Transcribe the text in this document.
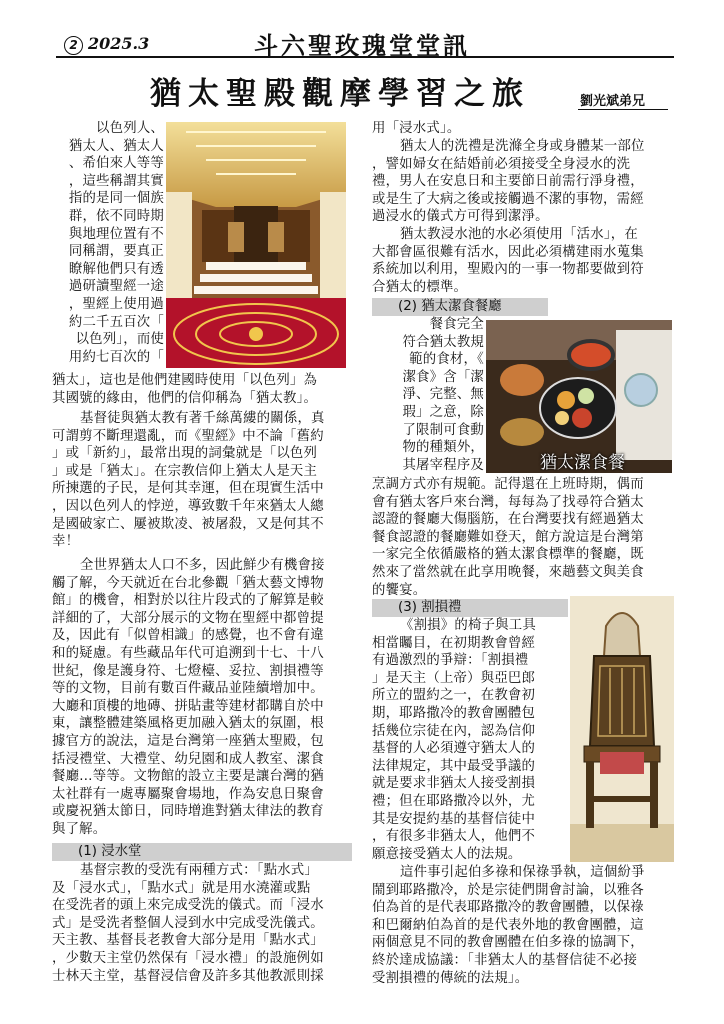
2 2025.3	斗六聖玫瑰堂堂訊
猶太聖殿觀摩學習之旅	劉光斌弟兄

以色列人、
猶太人、猶太人
、希伯來人等等
，這些稱謂其實
指的是同一個族
群，依不同時期
與地理位置有不
同稱謂，要真正
瞭解他們只有透
過研讀聖經一途
，聖經上使用過
約二千五百次「
以色列」，而使
用約七百次的「

猶太」，這也是他們建國時使用「以色列」為
其國號的緣由，他們的信仰稱為「猶太教」。

基督徒與猶太教有著千絲萬縷的關係，真
可謂剪不斷理還亂，而《聖經》中不論「舊約
」或「新約」，最常出現的詞彙就是「以色列
」或是「猶太」。在宗教信仰上猶太人是天主
所揀選的子民，是何其幸運，但在現實生活中
，因以色列人的悖逆，導致數千年來猶太人總
是國破家亡、屢被欺凌、被屠殺，又是何其不
幸！

全世界猶太人口不多，因此鮮少有機會接
觸了解，今天就近在台北參觀「猶太藝文博物
館」的機會，相對於以往片段式的了解算是較
詳細的了，大部分展示的文物在聖經中都曾提
及，因此有「似曾相識」的感覺，也不會有違
和的疑慮。有些藏品年代可追溯到十七、十八
世紀，像是護身符、七燈檯、妥拉、割損禮等
等的文物，目前有數百件藏品並陸續增加中。
大廳和頂樓的地磚、拼貼畫等建材都購自於中
東，讓整體建築風格更加融入猶太的氛圍，根
據官方的說法，這是台灣第一座猶太聖殿，包
括浸禮堂、大禮堂、幼兒園和成人教室、潔食
餐廳…等等。文物館的設立主要是讓台灣的猶
太社群有一處專屬聚會場地，作為安息日聚會
或慶祝猶太節日，同時增進對猶太律法的教育
與了解。

(1) 浸水堂

基督宗教的受洗有兩種方式：「點水式」
及「浸水式」，「點水式」就是用水澆灌或點
在受洗者的頭上來完成受洗的儀式。而「浸水
式」是受洗者整個人浸到水中完成受洗儀式。
天主教、基督長老教會大部分是用「點水式」
，少數天主堂仍然保有「浸水禮」的設施例如
士林天主堂，基督浸信會及許多其他教派則採

用「浸水式」。

猶太人的洗禮是洗滌全身或身體某一部位
，譬如婦女在結婚前必須接受全身浸水的洗
禮，男人在安息日和主要節日前需行淨身禮，
或是生了大病之後或接觸過不潔的事物，需經
過浸水的儀式方可得到潔淨。

猶太教浸水池的水必須使用「活水」，在
大都會區很難有活水，因此必須構建雨水蒐集
系統加以利用，聖殿內的一事一物都要做到符
合猶太的標準。

(2) 猶太潔食餐廳

餐食完全
符合猶太教規
範的食材，《
潔食》含「潔
淨、完整、無
瑕」之意，除
了限制可食動
物的種類外，
其屠宰程序及	猶太潔食餐

烹調方式亦有規範。記得還在上班時期，偶而
會有猶太客戶來台灣，每每為了找尋符合猶太
認證的餐廳大傷腦筋，在台灣要找有經過猶太
餐食認證的餐廳難如登天，館方說這是台灣第
一家完全依循嚴格的猶太潔食標準的餐廳，既
然來了當然就在此享用晚餐，來趟藝文與美食
的饗宴。

(3) 割損禮

《割損》的椅子與工具
相當矚目，在初期教會曾經
有過激烈的爭辯：「割損禮
」是天主（上帝）與亞巴郎
所立的盟約之一，在教會初
期，耶路撒冷的教會團體包
括幾位宗徒在內，認為信仰
基督的人必須遵守猶太人的
法律規定，其中最受爭議的
就是要求非猶太人接受割損
禮；但在耶路撒冷以外，尤
其是安提約基的基督信徒中
，有很多非猶太人，他們不
願意接受猶太人的法規。

這件事引起伯多祿和保祿爭執，這個紛爭
鬧到耶路撒冷，於是宗徒們開會討論，以雅各
伯為首的是代表耶路撒冷的教會團體，以保祿
和巴爾納伯為首的是代表外地的教會團體，這
兩個意見不同的教會團體在伯多祿的協調下，
終於達成協議：「非猶太人的基督信徒不必接
受割損禮的傳統的法規」。
